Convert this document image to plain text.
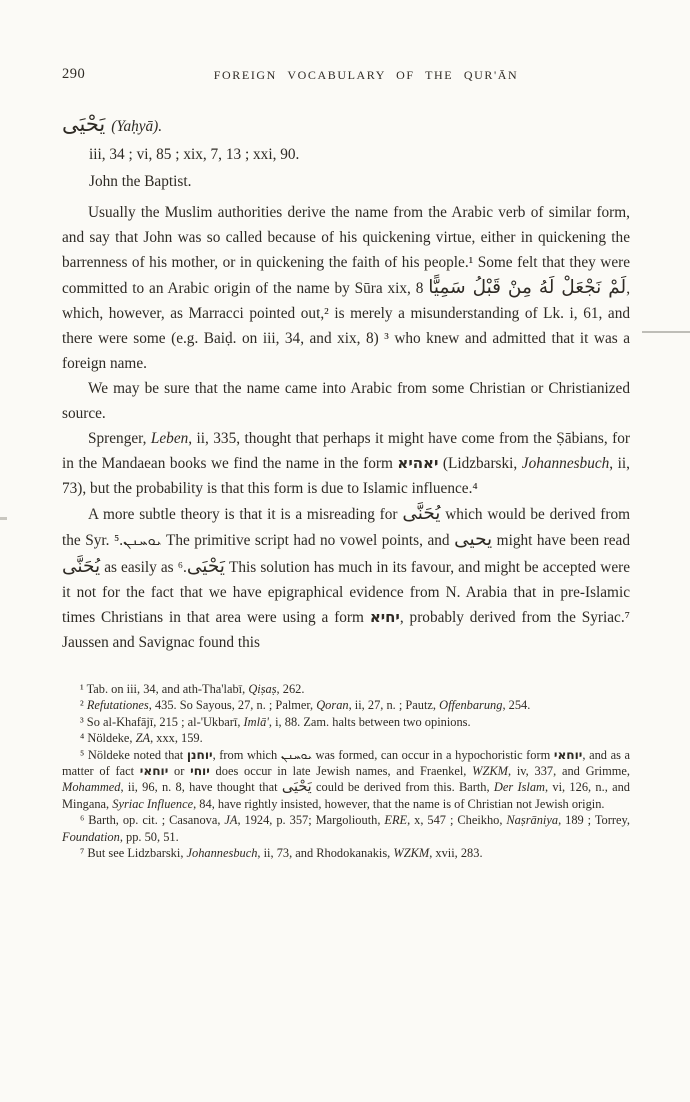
290	FOREIGN VOCABULARY OF THE QUR'ĀN
يَحْيَى (Yaḥyā).
iii, 34 ; vi, 85 ; xix, 7, 13 ; xxi, 90.
John the Baptist.

Usually the Muslim authorities derive the name from the Arabic verb of similar form, and say that John was so called because of his quickening virtue, either in quickening the barrenness of his mother, or in quickening the faith of his people.¹ Some felt that they were committed to an Arabic origin of the name by Sūra xix, 8 لَمْ نَجْعَلْ لَهُ مِنْ قَبْلُ سَمِيًّا, which, however, as Marracci pointed out,² is merely a misunderstanding of Lk. i, 61, and there were some (e.g. Baiḍ. on iii, 34, and xix, 8) ³ who knew and admitted that it was a foreign name.

We may be sure that the name came into Arabic from some Christian or Christianized source.

Sprenger, Leben, ii, 335, thought that perhaps it might have come from the Ṣābians, for in the Mandaean books we find the name in the form יאהיא (Lidzbarski, Johannesbuch, ii, 73), but the probability is that this form is due to Islamic influence.⁴

A more subtle theory is that it is a misreading for يُحَنَّى which would be derived from the Syr. ܝܘܚܢܢ.⁵ The primitive script had no vowel points, and يحيى might have been read يُحَنَّى as easily as يَحْيَى.⁶ This solution has much in its favour, and might be accepted were it not for the fact that we have epigraphical evidence from N. Arabia that in pre-Islamic times Christians in that area were using a form יחיא, probably derived from the Syriac.⁷ Jaussen and Savignac found this

¹ Tab. on iii, 34, and ath-Tha'labī, Qiṣaṣ, 262.

² Refutationes, 435. So Sayous, 27, n. ; Palmer, Qoran, ii, 27, n. ; Pautz, Offenbarung, 254.

³ So al-Khafājī, 215 ; al-'Ukbarī, Imlā', i, 88. Zam. halts between two opinions.

⁴ Nöldeke, ZA, xxx, 159.

⁵ Nöldeke noted that יוחנן, from which ܝܘܚܢܢ was formed, can occur in a hypochoristic form יוחאי, and as a matter of fact יוחאי or יוחי does occur in late Jewish names, and Fraenkel, WZKM, iv, 337, and Grimme, Mohammed, ii, 96, n. 8, have thought that يَحْيَى could be derived from this. Barth, Der Islam, vi, 126, n., and Mingana, Syriac Influence, 84, have rightly insisted, however, that the name is of Christian not Jewish origin.

⁶ Barth, op. cit. ; Casanova, JA, 1924, p. 357; Margoliouth, ERE, x, 547 ; Cheikho, Naṣrāniya, 189 ; Torrey, Foundation, pp. 50, 51.

⁷ But see Lidzbarski, Johannesbuch, ii, 73, and Rhodokanakis, WZKM, xvii, 283.
